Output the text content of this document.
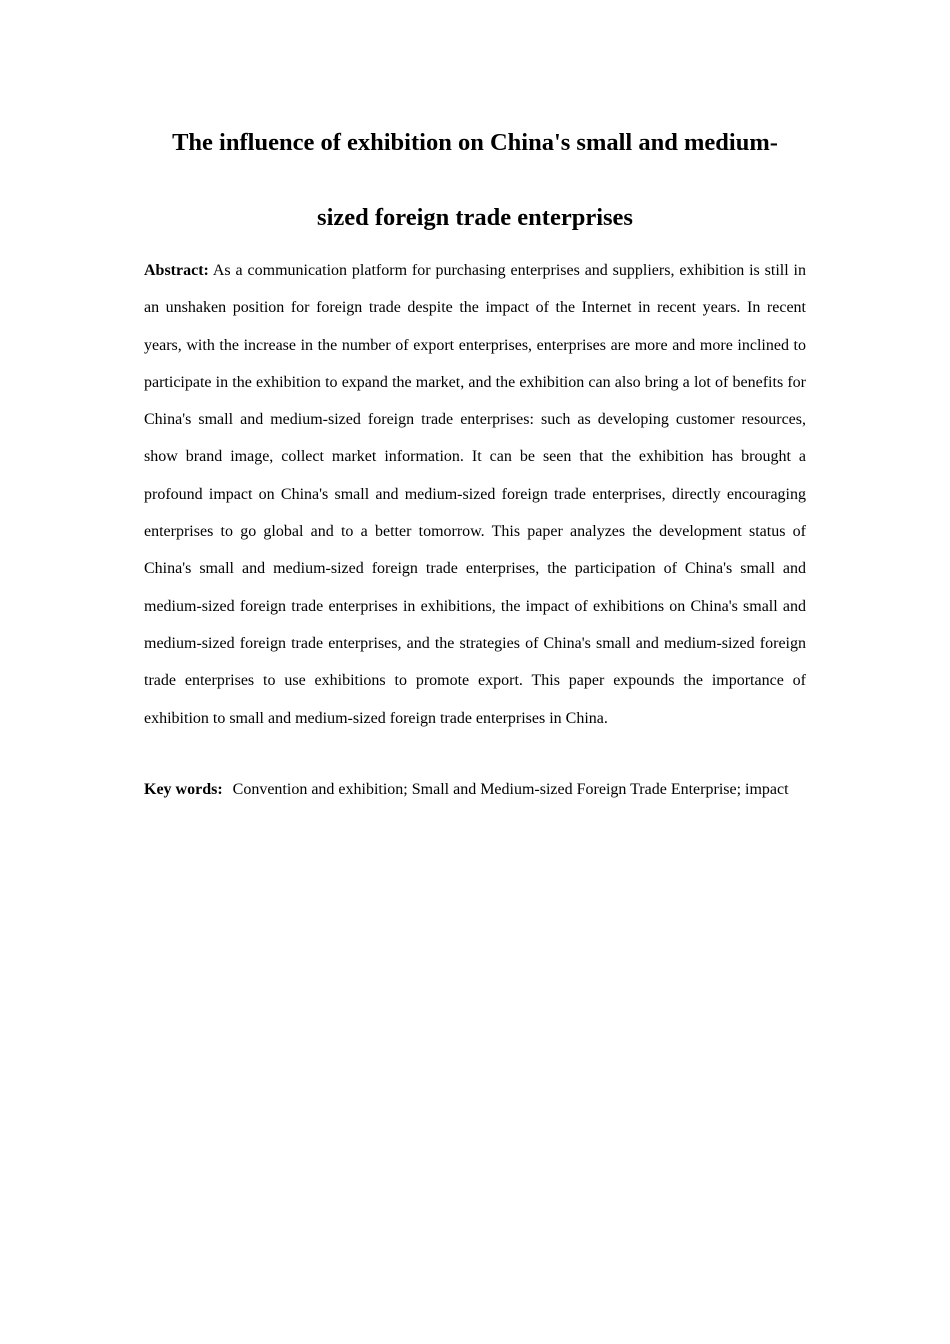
The influence of exhibition on China's small and medium-
sized foreign trade enterprises

Abstract: As a communication platform for purchasing enterprises and suppliers, exhibition is still in an unshaken position for foreign trade despite the impact of the Internet in recent years. In recent years, with the increase in the number of export enterprises, enterprises are more and more inclined to participate in the exhibition to expand the market, and the exhibition can also bring a lot of benefits for China's small and medium-sized foreign trade enterprises: such as developing customer resources, show brand image, collect market information. It can be seen that the exhibition has brought a profound impact on China's small and medium-sized foreign trade enterprises, directly encouraging enterprises to go global and to a better tomorrow. This paper analyzes the development status of China's small and medium-sized foreign trade enterprises, the participation of China's small and medium-sized foreign trade enterprises in exhibitions, the impact of exhibitions on China's small and medium-sized foreign trade enterprises, and the strategies of China's small and medium-sized foreign trade enterprises to use exhibitions to promote export. This paper expounds the importance of exhibition to small and medium-sized foreign trade enterprises in China.

Key words: Convention and exhibition; Small and Medium-sized Foreign Trade Enterprise; impact
